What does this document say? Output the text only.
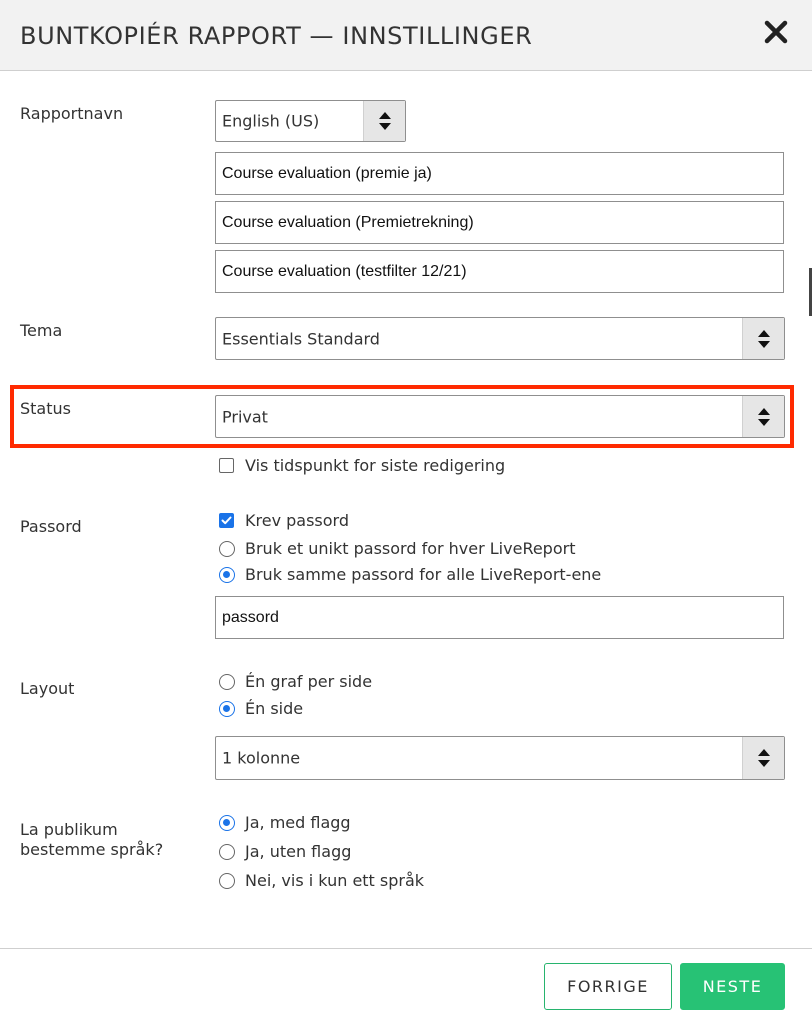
BUNTKOPIÉR RAPPORT — INNSTILLINGER
Rapportnavn	English (US)
Course evaluation (premie ja)
Course evaluation (Premietrekning)
Course evaluation (testfilter 12/21)
Tema	Essentials Standard
Status	Privat
Vis tidspunkt for siste redigering
Passord	Krev passord
Bruk et unikt passord for hver LiveReport
Bruk samme passord for alle LiveReport-ene
passord
Layout	Én graf per side
Én side
1 kolonne
La publikum
bestemme språk?
Ja, med flagg
Ja, uten flagg
Nei, vis i kun ett språk
FORRIGE	NESTE
